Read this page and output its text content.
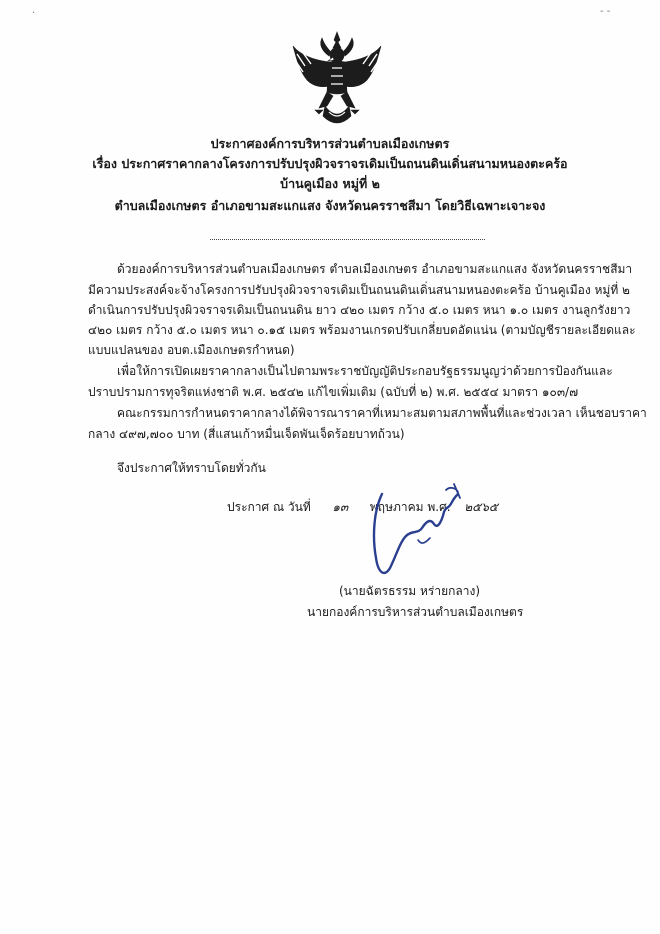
·	- -
ประกาศองค์การบริหารส่วนตำบลเมืองเกษตร
เรื่อง ประกาศราคากลางโครงการปรับปรุงผิวจราจรเดิมเป็นถนนดินเดิ่นสนามหนองตะคร้อ
บ้านคูเมือง หมู่ที่ ๒
ตำบลเมืองเกษตร อำเภอขามสะแกแสง จังหวัดนครราชสีมา โดยวิธีเฉพาะเจาะจง
ด้วยองค์การบริหารส่วนตำบลเมืองเกษตร ตำบลเมืองเกษตร อำเภอขามสะแกแสง จังหวัดนครราชสีมา
มีความประสงค์จะจ้างโครงการปรับปรุงผิวจราจรเดิมเป็นถนนดินเดิ่นสนามหนองตะคร้อ บ้านคูเมือง หมู่ที่ ๒
ดำเนินการปรับปรุงผิวจราจรเดิมเป็นถนนดิน ยาว ๔๒๐ เมตร กว้าง ๕.๐ เมตร หนา ๑.๐ เมตร งานลูกรังยาว
๔๒๐ เมตร กว้าง ๕.๐ เมตร หนา ๐.๑๕ เมตร พร้อมงานเกรดปรับเกลี่ยบดอัดแน่น (ตามบัญชีรายละเอียดและ
แบบแปลนของ อบต.เมืองเกษตรกำหนด)
เพื่อให้การเปิดเผยราคากลางเป็นไปตามพระราชบัญญัติประกอบรัฐธรรมนูญว่าด้วยการป้องกันและ
ปราบปรามการทุจริตแห่งชาติ พ.ศ. ๒๕๔๒ แก้ไขเพิ่มเติม (ฉบับที่ ๒) พ.ศ. ๒๕๕๔ มาตรา ๑๐๓/๗
คณะกรรมการกำหนดราคากลางได้พิจารณาราคาที่เหมาะสมตามสภาพพื้นที่และช่วงเวลา เห็นชอบราคา
กลาง ๔๙๗,๗๐๐ บาท (สี่แสนเก้าหมื่นเจ็ดพันเจ็ดร้อยบาทถ้วน)
จึงประกาศให้ทราบโดยทั่วกัน
ประกาศ ณ วันที่ ๑๓ พฤษภาคม พ.ศ. ๒๕๖๕
(นายฉัตรธรรม หร่ายกลาง)
นายกองค์การบริหารส่วนตำบลเมืองเกษตร
